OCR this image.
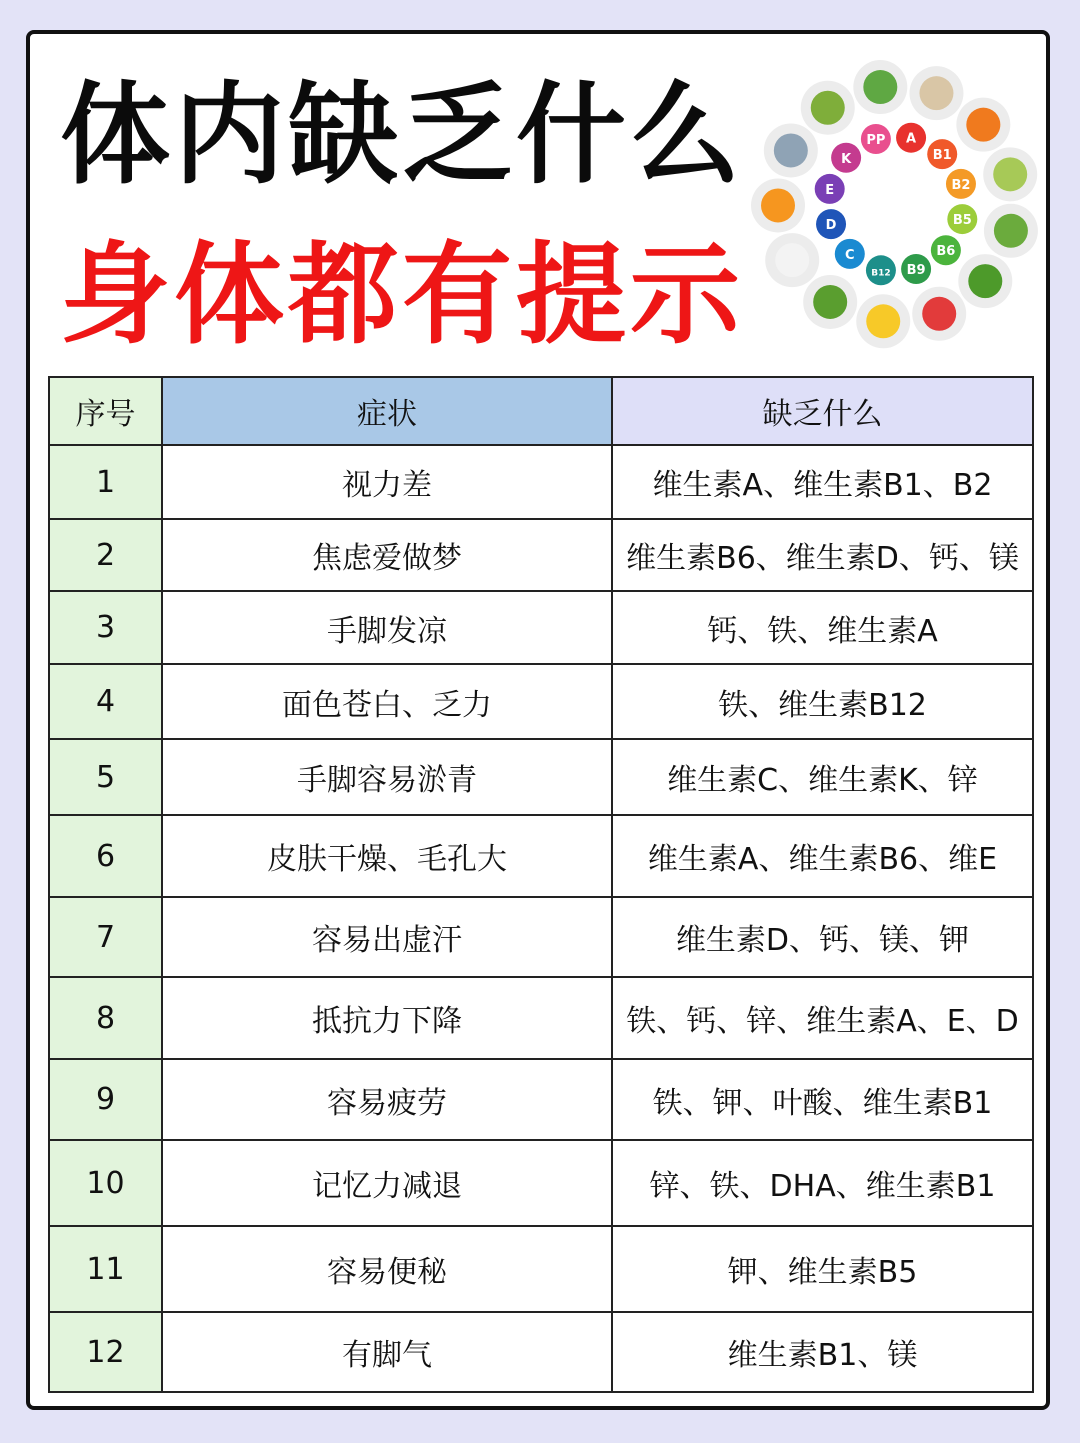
体内缺乏什么
身体都有提示
PP A
B1
B2
B5
B6
B9
B12
C
D
E
K
序号	症状	缺乏什么
1	视力差	维生素A、维生素B1、B2
2	焦虑爱做梦	维生素B6、维生素D、钙、镁
3	手脚发凉	钙、铁、维生素A
4	面色苍白、乏力	铁、维生素B12
5	手脚容易淤青	维生素C、维生素K、锌
6	皮肤干燥、毛孔大	维生素A、维生素B6、维E
7	容易出虚汗	维生素D、钙、镁、钾
8	抵抗力下降	铁、钙、锌、维生素A、E、D
9	容易疲劳	铁、钾、叶酸、维生素B1
10	记忆力减退	锌、铁、DHA、维生素B1
11	容易便秘	钾、维生素B5
12	有脚气	维生素B1、镁
